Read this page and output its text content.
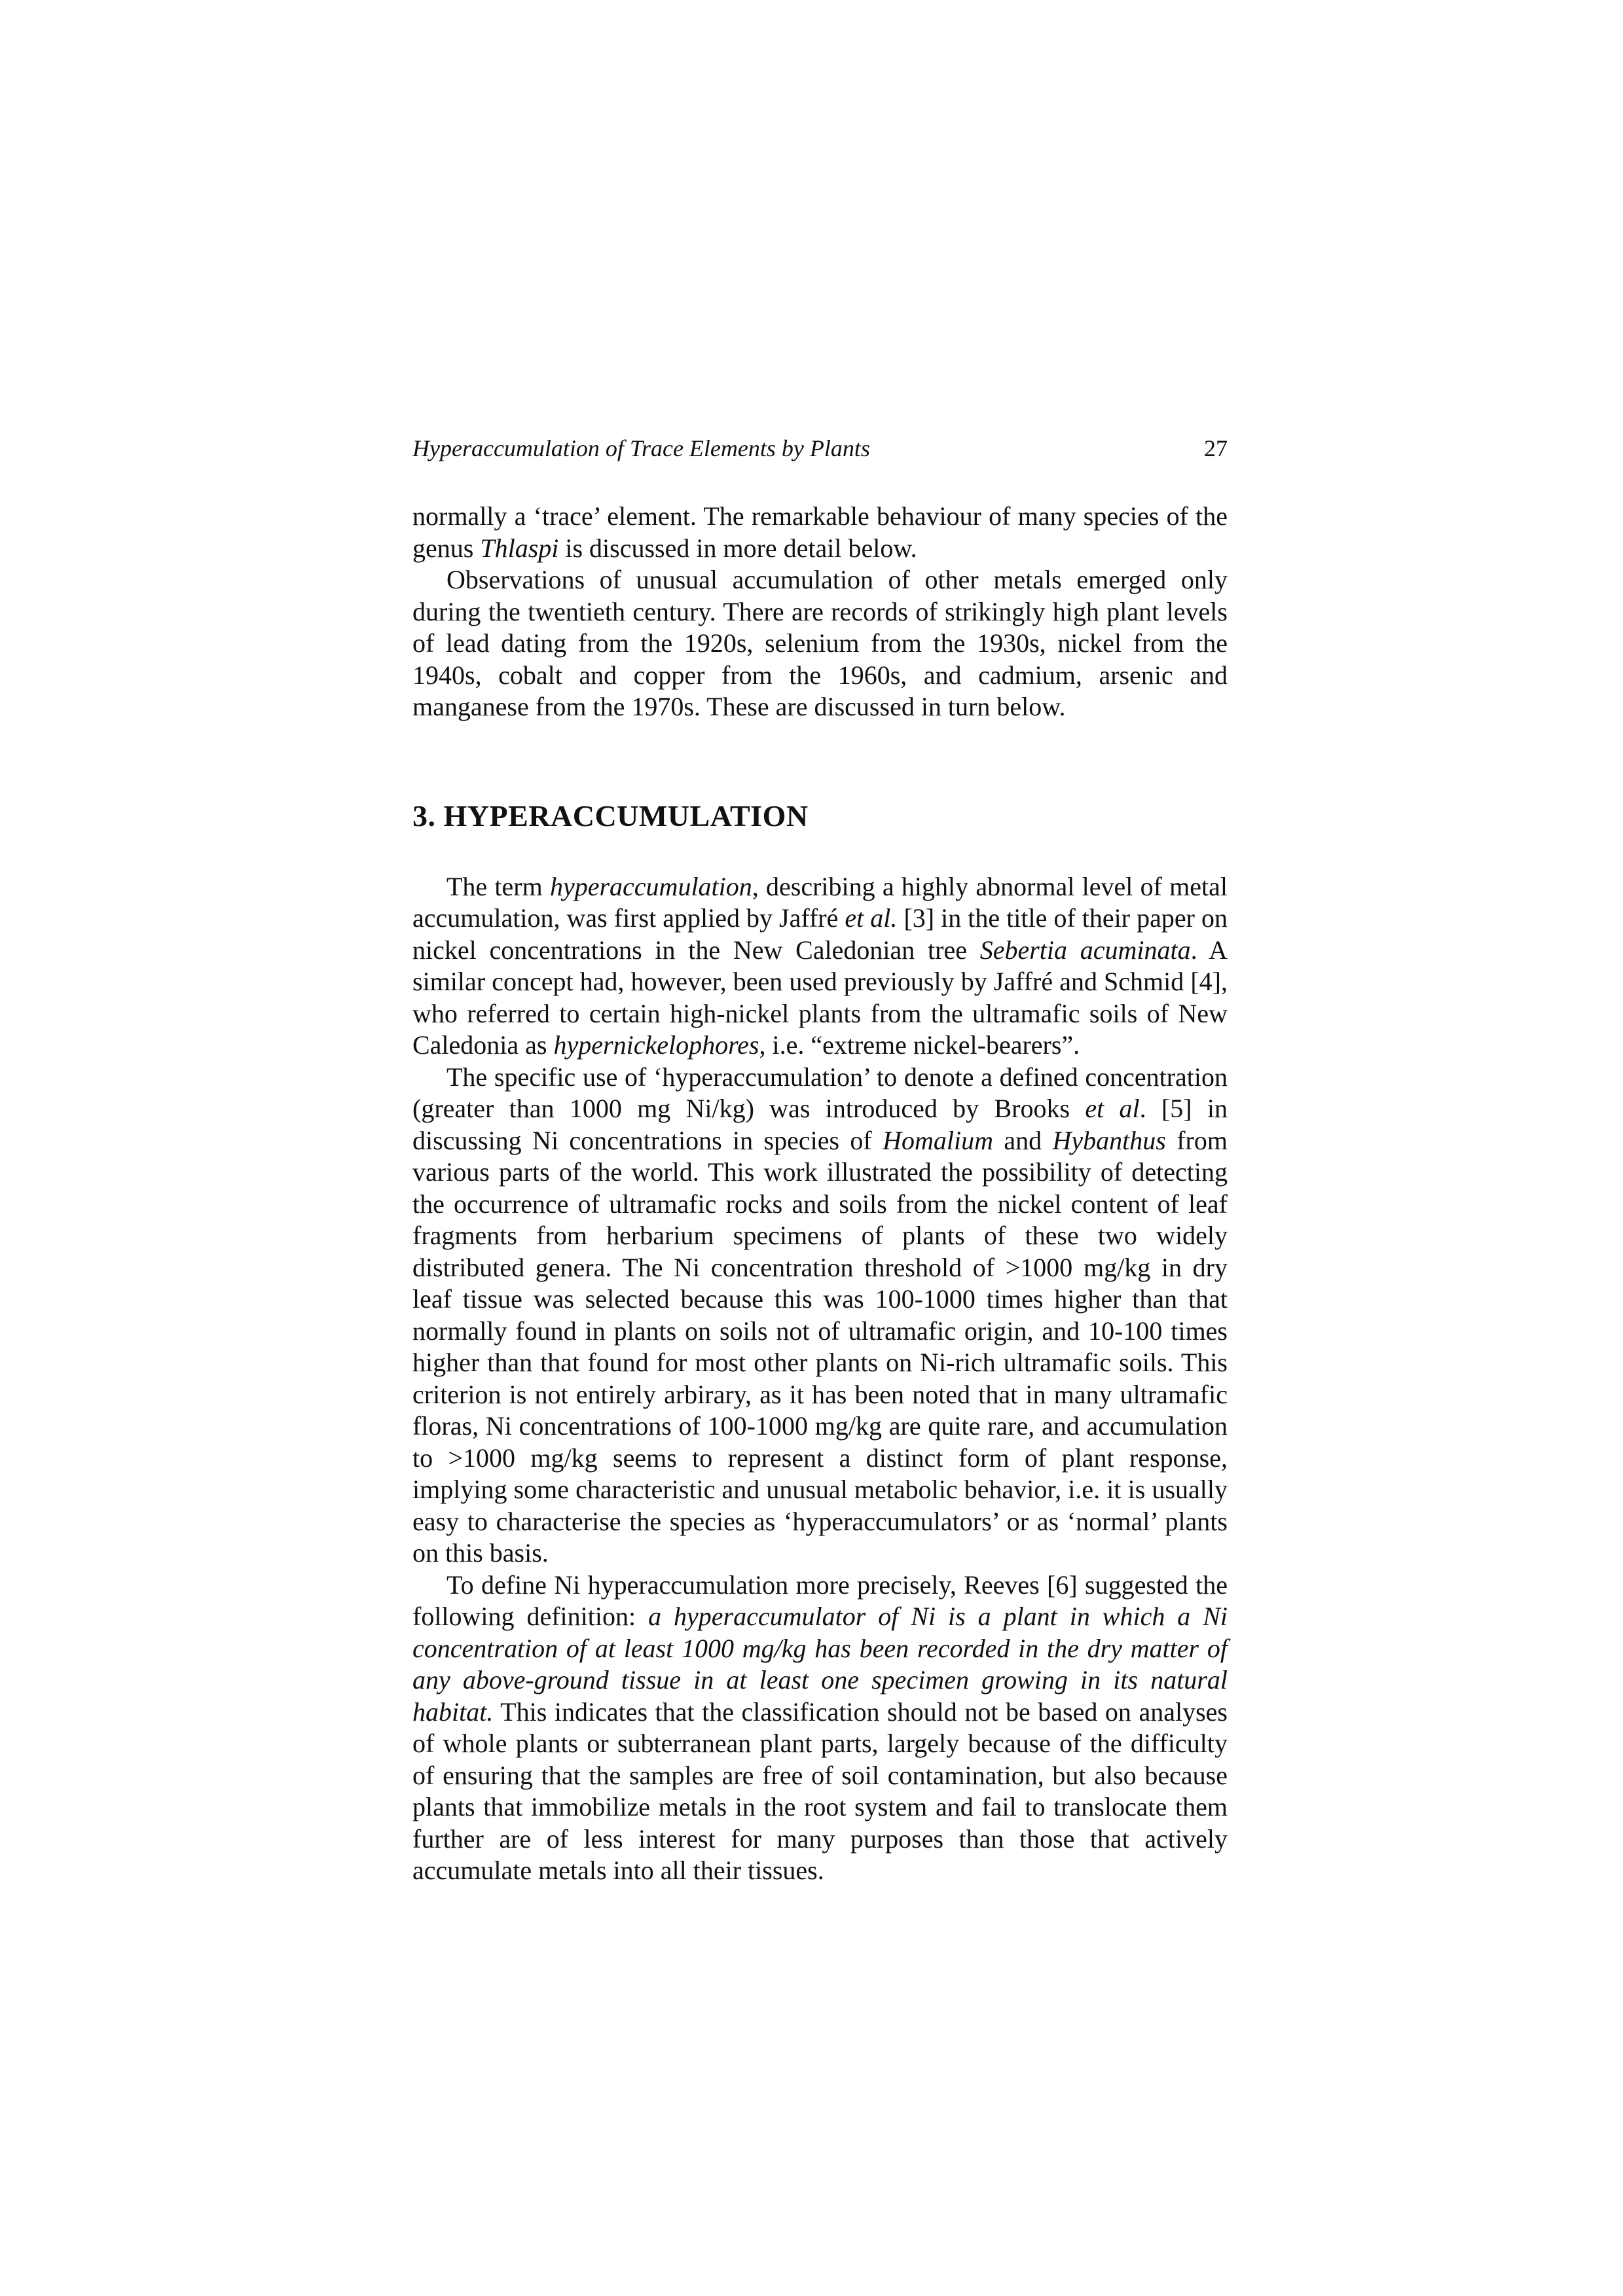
Hyperaccumulation of Trace Elements by Plants	27

normally a ‘trace’ element. The remarkable behaviour of many species of the genus Thlaspi is discussed in more detail below.

Observations of unusual accumulation of other metals emerged only during the twentieth century. There are records of strikingly high plant levels of lead dating from the 1920s, selenium from the 1930s, nickel from the 1940s, cobalt and copper from the 1960s, and cadmium, arsenic and manganese from the 1970s. These are discussed in turn below.

3. HYPERACCUMULATION

The term hyperaccumulation, describing a highly abnormal level of metal accumulation, was first applied by Jaffré et al. [3] in the title of their paper on nickel concentrations in the New Caledonian tree Sebertia acuminata. A similar concept had, however, been used previously by Jaffré and Schmid [4], who referred to certain high-nickel plants from the ultramafic soils of New Caledonia as hypernickelophores, i.e. “extreme nickel-bearers”.

The specific use of ‘hyperaccumulation’ to denote a defined concentration (greater than 1000 mg Ni/kg) was introduced by Brooks et al. [5] in discussing Ni concentrations in species of Homalium and Hybanthus from various parts of the world. This work illustrated the possibility of detecting the occurrence of ultramafic rocks and soils from the nickel content of leaf fragments from herbarium specimens of plants of these two widely distributed genera. The Ni concentration threshold of >1000 mg/kg in dry leaf tissue was selected because this was 100-1000 times higher than that normally found in plants on soils not of ultramafic origin, and 10-100 times higher than that found for most other plants on Ni-rich ultramafic soils. This criterion is not entirely arbirary, as it has been noted that in many ultramafic floras, Ni concentrations of 100-1000 mg/kg are quite rare, and accumulation to >1000 mg/kg seems to represent a distinct form of plant response, implying some characteristic and unusual metabolic behavior, i.e. it is usually easy to characterise the species as ‘hyperaccumulators’ or as ‘normal’ plants on this basis.

To define Ni hyperaccumulation more precisely, Reeves [6] suggested the following definition: a hyperaccumulator of Ni is a plant in which a Ni concentration of at least 1000 mg/kg has been recorded in the dry matter of any above-ground tissue in at least one specimen growing in its natural habitat. This indicates that the classification should not be based on analyses of whole plants or subterranean plant parts, largely because of the difficulty of ensuring that the samples are free of soil contamination, but also because plants that immobilize metals in the root system and fail to translocate them further are of less interest for many purposes than those that actively accumulate metals into all their tissues.
